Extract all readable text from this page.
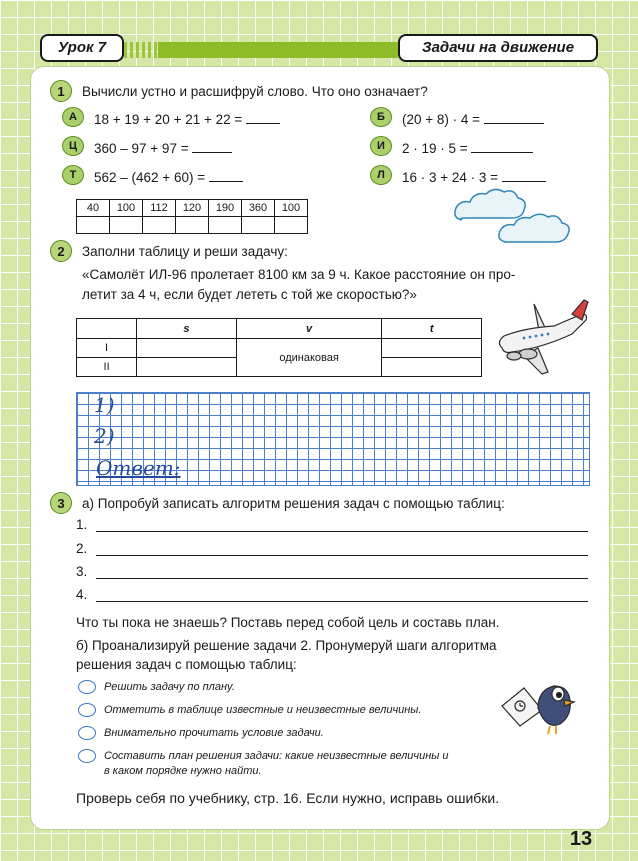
Урок 7	Задачи на движение
1	Вычисли устно и расшифруй слово. Что оно означает?
А	18 + 19 + 20 + 21 + 22 =
Ц	360 – 97 + 97 =
Т	562 – (462 + 60) =
Б	(20 + 8) · 4 =
И	2 · 19 · 5 =
Л	16 · 3 + 24 · 3 =
40	100	112	120	190	360	100

2	Заполни таблицу и реши задачу:
«Самолёт ИЛ-96 пролетает 8100 км за 9 ч. Какое расстояние он про-
летит за 4 ч, если будет лететь с той же скоростью?»
	s	v	t
I		одинаковая	
II			
1)
2)
Ответ:
3	а) Попробуй записать алгоритм решения задач с помощью таблиц:
1.
2.
3.
4.
Что ты пока не знаешь? Поставь перед собой цель и составь план.
б) Проанализируй решение задачи 2. Пронумеруй шаги алгоритма
решения задач с помощью таблиц:
Решить задачу по плану.
Отметить в таблице известные и неизвестные величины.
Внимательно прочитать условие задачи.
Составить план решения задачи: какие неизвестные величины и
в каком порядке нужно найти.
Проверь себя по учебнику, стр. 16. Если нужно, исправь ошибки.
13
